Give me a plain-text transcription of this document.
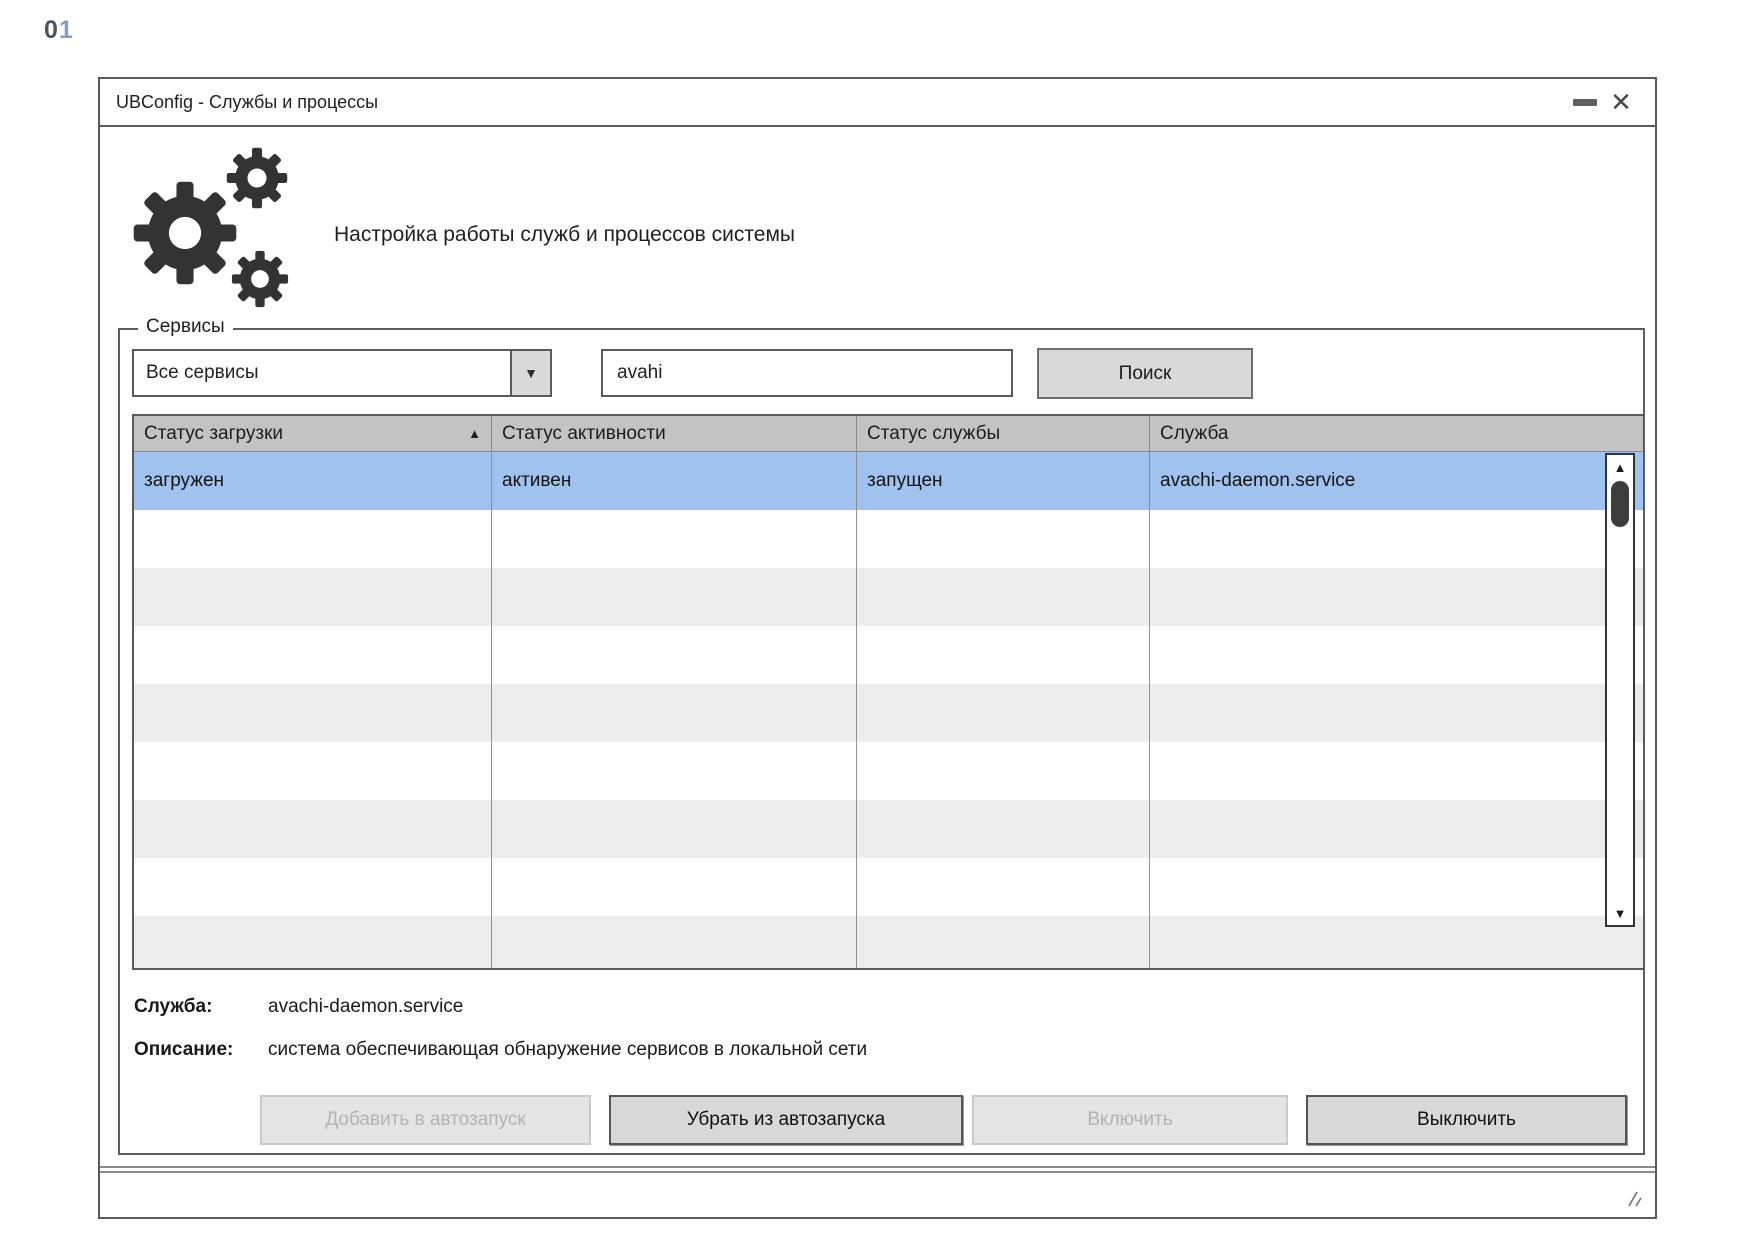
01
UBConfig - Службы и процессы	✕
Настройка работы служб и процессов системы
Сервисы
Все сервисы	▼	avahi	Поиск
Статус загрузки	▲ Статус активности	Статус службы	Служба
загружен	активен	запущен	avachi-daemon.service
▲
▼
Служба:	avachi-daemon.service
Описание:	система обеспечивающая обнаружение сервисов в локальной сети
Добавить в автозапуск	Убрать из автозапуска	Включить	Выключить
